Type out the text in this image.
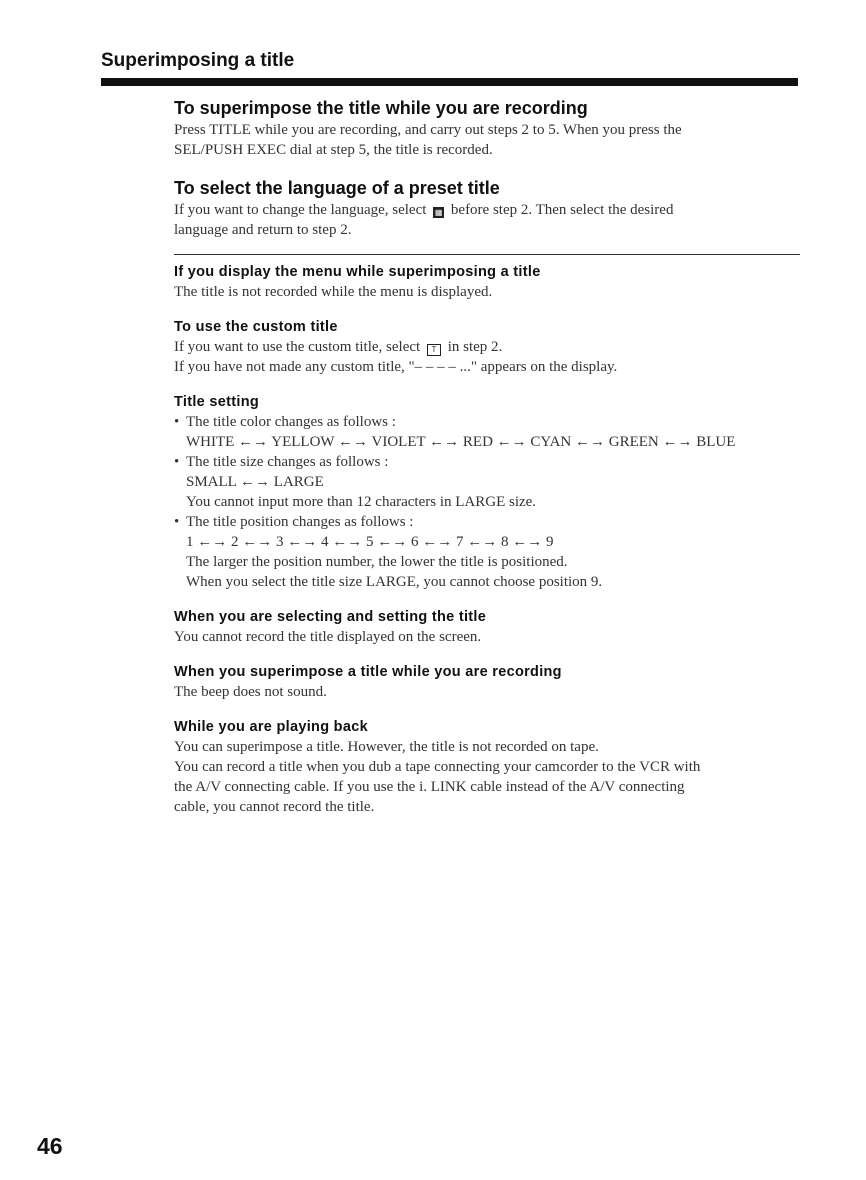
Superimposing a title
To superimpose the title while you are recording

Press TITLE while you are recording, and carry out steps 2 to 5. When you press the

SEL/PUSH EXEC dial at step 5, the title is recorded.

To select the language of a preset title

If you want to change the language, select ▦ before step 2. Then select the desired

language and return to step 2.

If you display the menu while superimposing a title

The title is not recorded while the menu is displayed.

To use the custom title

If you want to use the custom title, select T in step 2.

If you have not made any custom title, "– – – – ..." appears on the display.

Title setting

• The title color changes as follows :

WHITE ←→ YELLOW ←→ VIOLET ←→ RED ←→ CYAN ←→ GREEN ←→ BLUE

• The title size changes as follows :

SMALL ←→ LARGE

You cannot input more than 12 characters in LARGE size.

• The title position changes as follows :

1 ←→ 2 ←→ 3 ←→ 4 ←→ 5 ←→ 6 ←→ 7 ←→ 8 ←→ 9

The larger the position number, the lower the title is positioned.

When you select the title size LARGE, you cannot choose position 9.

When you are selecting and setting the title

You cannot record the title displayed on the screen.

When you superimpose a title while you are recording

The beep does not sound.

While you are playing back

You can superimpose a title. However, the title is not recorded on tape.

You can record a title when you dub a tape connecting your camcorder to the VCR with

the A/V connecting cable. If you use the i. LINK cable instead of the A/V connecting

cable, you cannot record the title.

46
